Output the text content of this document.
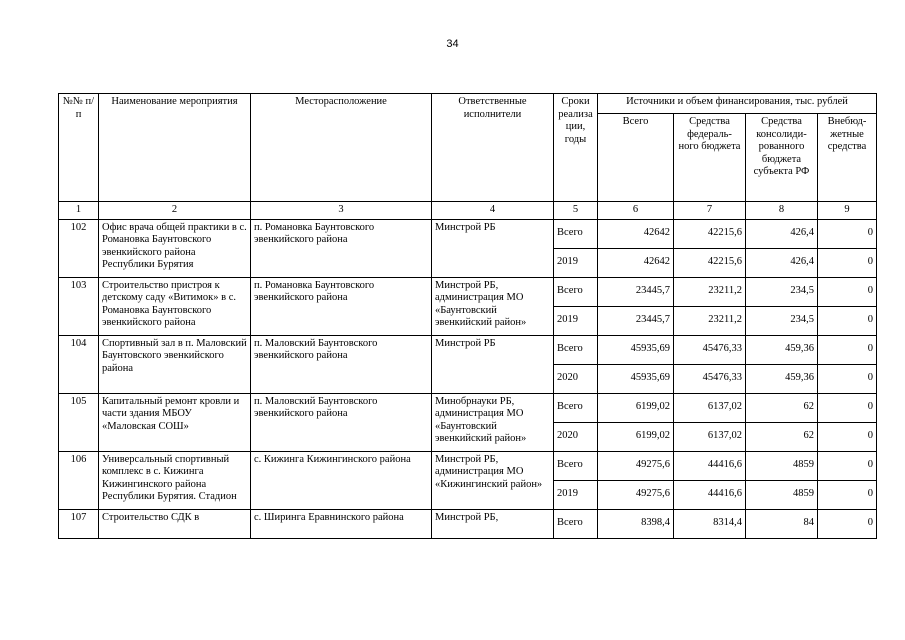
34
№№ п/п	Наименование мероприятия	Месторасположение	Ответственные исполнители	Сроки реализа ции, годы	Источники и объем финансирования, тыс. рублей			
					Всего	Средства федераль- ного бюджета	Средства консолиди- рованного бюджета субъекта РФ	Внебюд- жетные средства
1	2	3	4	5	6	7	8	9
102	Офис врача общей практики в с. Романовка Баунтовского эвенкийского района Республики Бурятия	п. Романовка Баунтовского эвенкийского района	Минстрой РБ	Всего	42642	42215,6	426,4	0
				2019	42642	42215,6	426,4	0
103	Строительство пристроя к детскому саду «Витимок» в с. Романовка Баунтовского эвенкийского района	п. Романовка Баунтовского эвенкийского района	Минстрой РБ, администрация МО «Баунтовский эвенкийский район»	Всего	23445,7	23211,2	234,5	0
				2019	23445,7	23211,2	234,5	0
104	Спортивный зал в п. Маловский Баунтовского эвенкийского района	п. Маловский Баунтовского эвенкийского района	Минстрой РБ	Всего	45935,69	45476,33	459,36	0
				2020	45935,69	45476,33	459,36	0
105	Капитальный ремонт кровли и части здания МБОУ «Маловская СОШ»	п. Маловский Баунтовского эвенкийского района	Минобрнауки РБ, администрация МО «Баунтовский эвенкийский район»	Всего	6199,02	6137,02	62	0
				2020	6199,02	6137,02	62	0
106	Универсальный спортивный комплекс в с. Кижинга Кижингинского района Республики Бурятия. Стадион	с. Кижинга Кижингинского района	Минстрой РБ, администрация МО «Кижингинский район»	Всего	49275,6	44416,6	4859	0
				2019	49275,6	44416,6	4859	0
107	Строительство СДК в	с. Ширинга Еравнинского района	Минстрой РБ,	Всего	8398,4	8314,4	84	0
